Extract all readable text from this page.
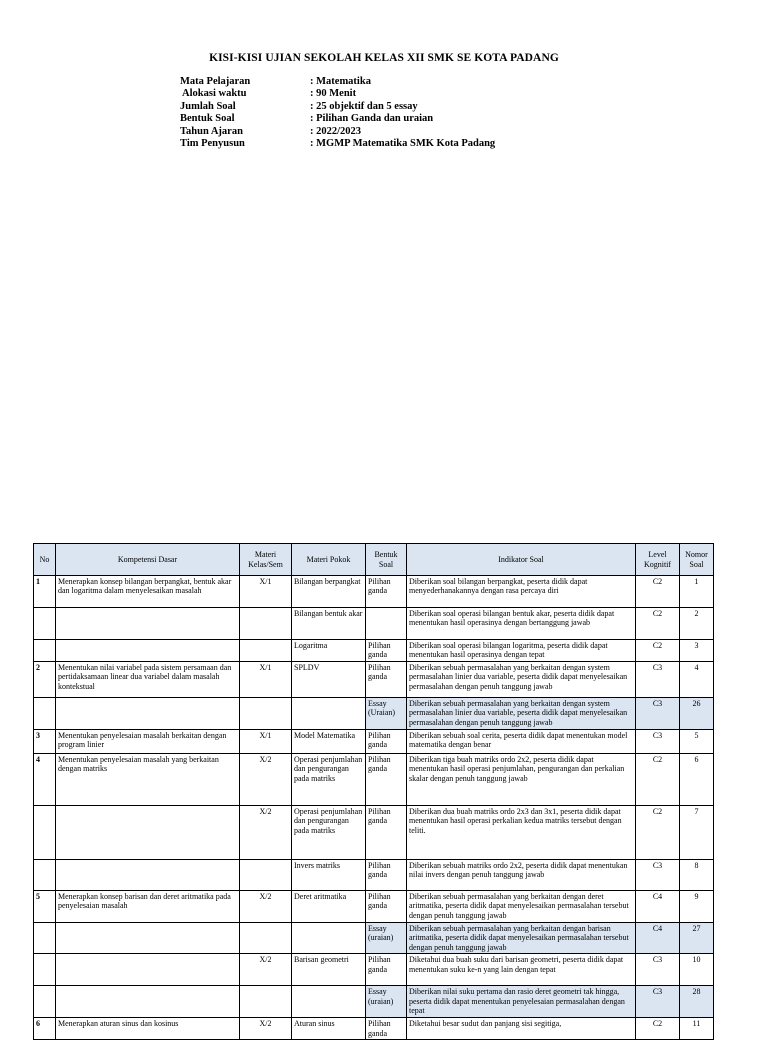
KISI-KISI UJIAN SEKOLAH KELAS XII SMK SE KOTA PADANG
Mata Pelajaran	: Matematika
Alokasi waktu	: 90 Menit
Jumlah Soal	: 25 objektif dan 5 essay
Bentuk Soal	: Pilihan Ganda dan uraian
Tahun Ajaran	: 2022/2023
Tim Penyusun	: MGMP Matematika SMK Kota Padang
No	Kompetensi Dasar	Materi Kelas/Sem	Materi Pokok	Bentuk Soal	Indikator Soal	Level Kognitif	Nomor Soal
1	Menerapkan konsep bilangan berpangkat, bentuk akar dan logaritma dalam menyelesaikan masalah	X/1	Bilangan berpangkat	Pilihan ganda	Diberikan soal bilangan berpangkat, peserta didik dapat menyederhanakannya dengan rasa percaya diri	C2	1
			Bilangan bentuk akar		Diberikan soal operasi bilangan bentuk akar, peserta didik dapat menentukan hasil operasinya dengan bertanggung jawab	C2	2
			Logaritma	Pilihan ganda	Diberikan soal operasi bilangan logaritma, peserta didik dapat menentukan hasil operasinya dengan tepat	C2	3
2	Menentukan nilai variabel pada sistem persamaan dan pertidaksamaan linear dua variabel dalam masalah kontekstual	X/1	SPLDV	Pilihan ganda	Diberikan sebuah permasalahan yang berkaitan dengan system permasalahan linier dua variable, peserta didik dapat menyelesaikan permasalahan dengan penuh tanggung jawab	C3	4
				Essay (Uraian)	Diberikan sebuah permasalahan yang berkaitan dengan system permasalahan linier dua variable, peserta didik dapat menyelesaikan permasalahan dengan penuh tanggung jawab	C3	26
3	Menentukan penyelesaian masalah berkaitan dengan program linier	X/1	Model Matematika	Pilihan ganda	Diberikan sebuah soal cerita, peserta didik dapat menentukan model matematika dengan benar	C3	5
4	Menentukan penyelesaian masalah yang berkaitan dengan matriks	X/2	Operasi penjumlahan dan pengurangan pada matriks	Pilihan ganda	Diberikan tiga buah matriks ordo 2x2, peserta didik dapat menentukan hasil operasi penjumlahan, pengurangan dan perkalian skalar dengan penuh tanggung jawab	C2	6
		X/2	Operasi penjumlahan dan pengurangan pada matriks	Pilihan ganda	Diberikan dua buah matriks ordo 2x3 dan 3x1, peserta didik dapat menentukan hasil operasi perkalian kedua matriks tersebut dengan teliti.	C2	7
			Invers matriks	Pilihan ganda	Diberikan sebuah matriks ordo 2x2, peserta didik dapat menentukan nilai invers dengan penuh tanggung jawab	C3	8
5	Menerapkan konsep barisan dan deret aritmatika pada penyelesaian masalah	X/2	Deret aritmatika	Pilihan ganda	Diberikan sebuah permasalahan yang berkaitan dengan deret aritmatika, peserta didik dapat menyelesaikan permasalahan tersebut dengan penuh tanggung jawab	C4	9
				Essay (uraian)	Diberikan sebuah permasalahan yang berkaitan dengan barisan aritmatika, peserta didik dapat menyelesaikan permasalahan tersebut dengan penuh tanggung jawab	C4	27
		X/2	Barisan geometri	Pilihan ganda	Diketahui dua buah suku dari barisan geometri, peserta didik dapat menentukan suku ke-n yang lain dengan tepat	C3	10
				Essay (uraian)	Diberikan nilai suku pertama dan rasio deret geometri tak hingga, peserta didik dapat menentukan penyelesaian permasalahan dengan tepat	C3	28
6	Menerapkan aturan sinus dan kosinus	X/2	Aturan sinus	Pilihan ganda	Diketahui besar sudut dan panjang sisi segitiga,	C2	11
